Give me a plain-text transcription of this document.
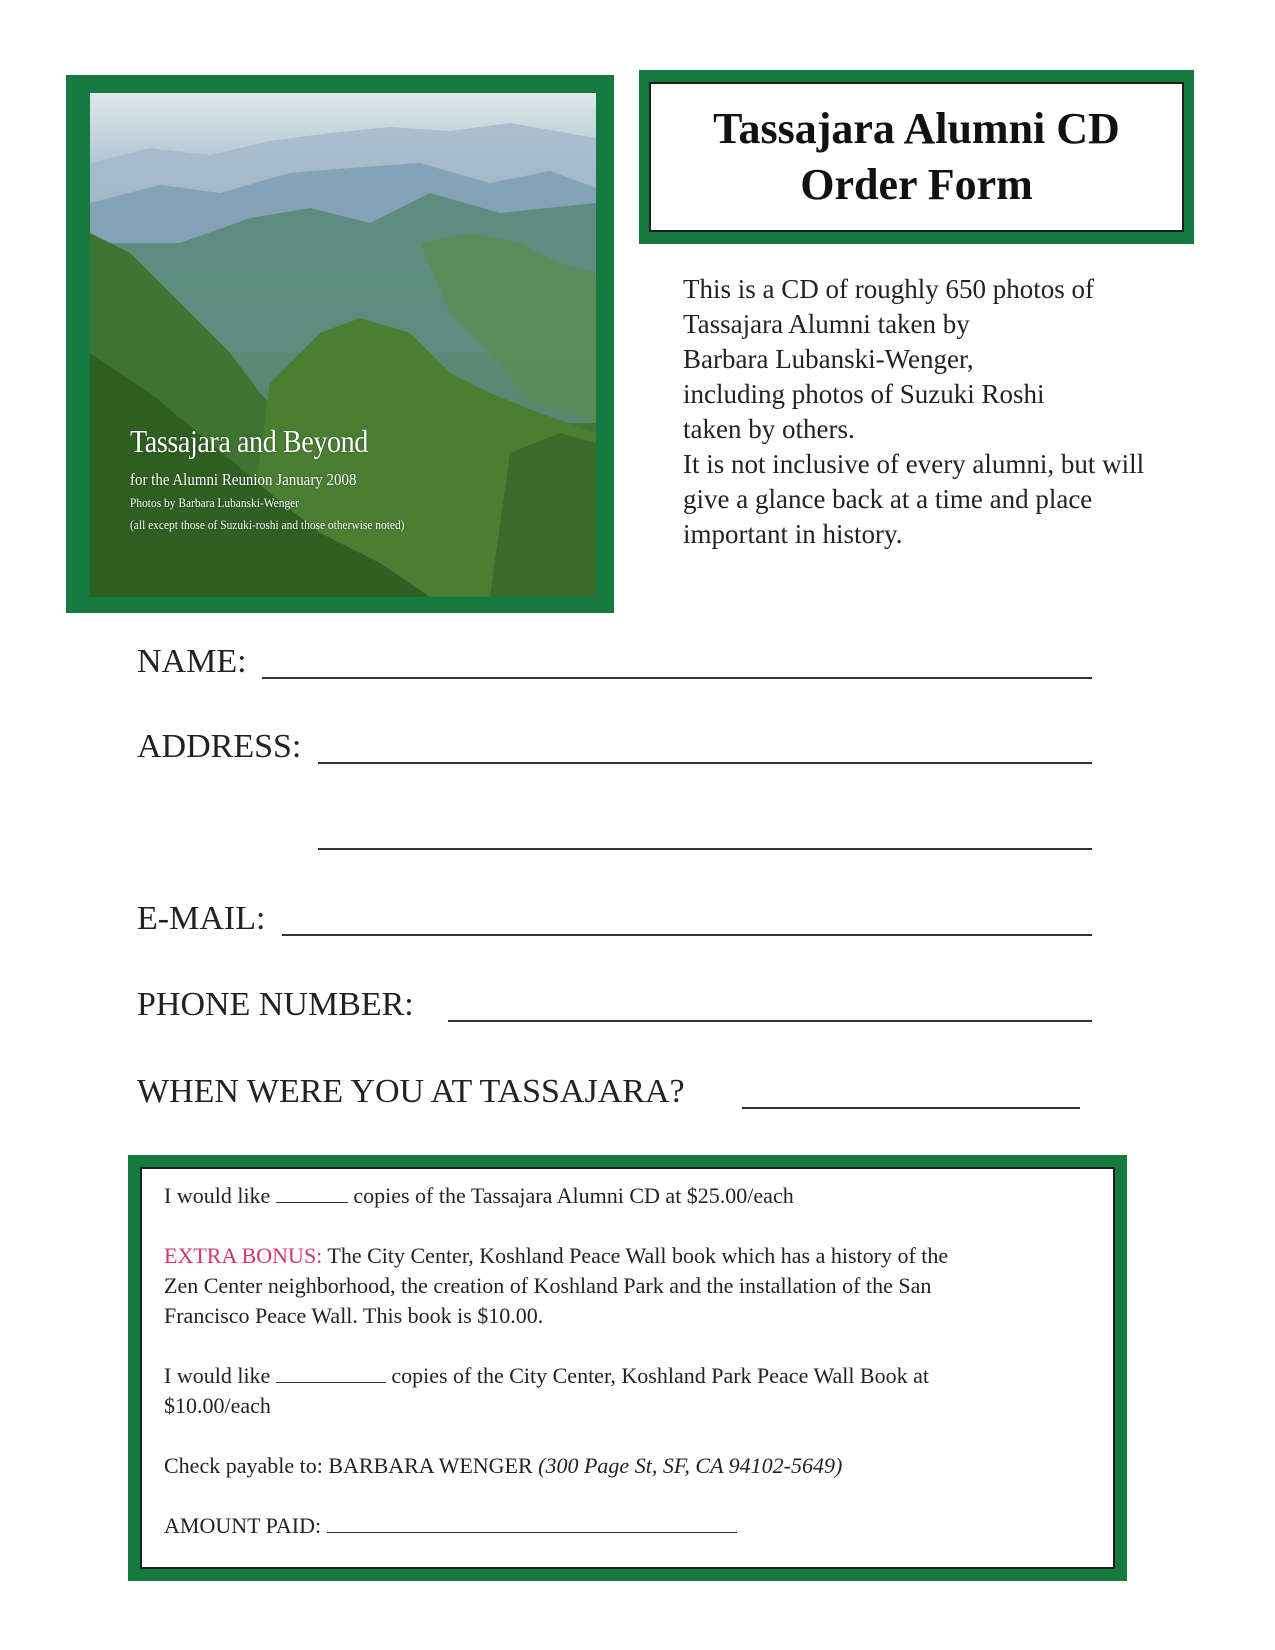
Tassajara and Beyond
for the Alumni Reunion January 2008
Photos by Barbara Lubanski-Wenger
(all except those of Suzuki-roshi and those otherwise noted)
Tassajara Alumni CD
Order Form
This is a CD of roughly 650 photos of
Tassajara Alumni taken by
Barbara Lubanski-Wenger,
including photos of Suzuki Roshi
taken by others.
It is not inclusive of every alumni, but will
give a glance back at a time and place
important in history.
NAME:
ADDRESS:
E-MAIL:
PHONE NUMBER:
WHEN WERE YOU AT TASSAJARA?
I would like	copies of the Tassajara Alumni CD at $25.00/each
EXTRA BONUS: The City Center, Koshland Peace Wall book which has a history of the
Zen Center neighborhood, the creation of Koshland Park and the installation of the San
Francisco Peace Wall. This book is $10.00.
I would like	copies of the City Center, Koshland Park Peace Wall Book at
$10.00/each
Check payable to: BARBARA WENGER (300 Page St, SF, CA 94102-5649)
AMOUNT PAID:
